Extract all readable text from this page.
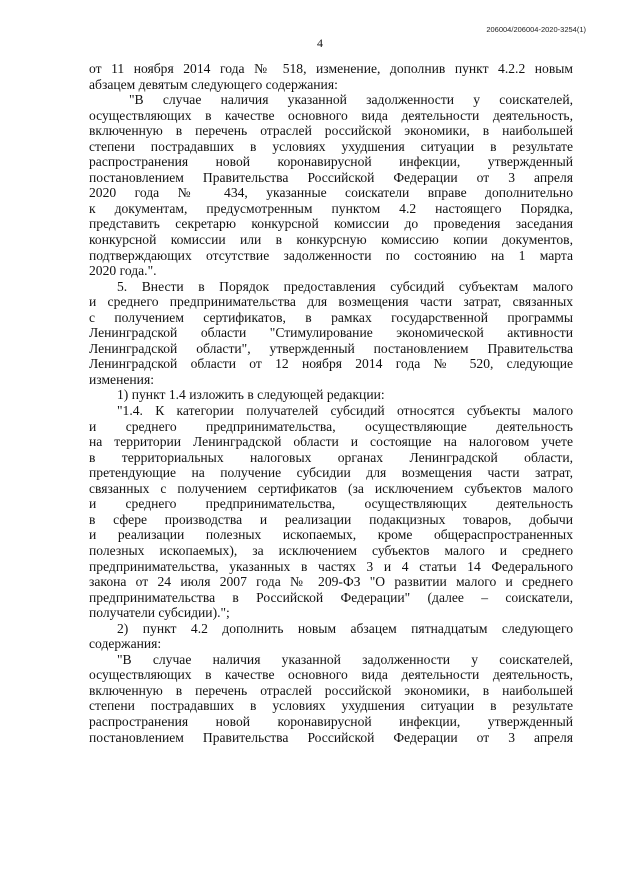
206004/206004-2020-3254(1)
4
от 11 ноября 2014 года № 518, изменение, дополнив пункт 4.2.2 новым
абзацем девятым следующего содержания:
"В случае наличия указанной задолженности у соискателей,
осуществляющих в качестве основного вида деятельности деятельность,
включенную в перечень отраслей российской экономики, в наибольшей
степени пострадавших в условиях ухудшения ситуации в результате
распространения новой коронавирусной инфекции, утвержденный
постановлением Правительства Российской Федерации от 3 апреля
2020 года № 434, указанные соискатели вправе дополнительно
к документам, предусмотренным пунктом 4.2 настоящего Порядка,
представить секретарю конкурсной комиссии до проведения заседания
конкурсной комиссии или в конкурсную комиссию копии документов,
подтверждающих отсутствие задолженности по состоянию на 1 марта
2020 года.".
5. Внести в Порядок предоставления субсидий субъектам малого
и среднего предпринимательства для возмещения части затрат, связанных
с получением сертификатов, в рамках государственной программы
Ленинградской области "Стимулирование экономической активности
Ленинградской области", утвержденный постановлением Правительства
Ленинградской области от 12 ноября 2014 года № 520, следующие
изменения:
1) пункт 1.4 изложить в следующей редакции:
"1.4. К категории получателей субсидий относятся субъекты малого
и среднего предпринимательства, осуществляющие деятельность
на территории Ленинградской области и состоящие на налоговом учете
в территориальных налоговых органах Ленинградской области,
претендующие на получение субсидии для возмещения части затрат,
связанных с получением сертификатов (за исключением субъектов малого
и среднего предпринимательства, осуществляющих деятельность
в сфере производства и реализации подакцизных товаров, добычи
и реализации полезных ископаемых, кроме общераспространенных
полезных ископаемых), за исключением субъектов малого и среднего
предпринимательства, указанных в частях 3 и 4 статьи 14 Федерального
закона от 24 июля 2007 года № 209-ФЗ "О развитии малого и среднего
предпринимательства в Российской Федерации" (далее – соискатели,
получатели субсидии).";
2) пункт 4.2 дополнить новым абзацем пятнадцатым следующего
содержания:
"В случае наличия указанной задолженности у соискателей,
осуществляющих в качестве основного вида деятельности деятельность,
включенную в перечень отраслей российской экономики, в наибольшей
степени пострадавших в условиях ухудшения ситуации в результате
распространения новой коронавирусной инфекции, утвержденный
постановлением Правительства Российской Федерации от 3 апреля
